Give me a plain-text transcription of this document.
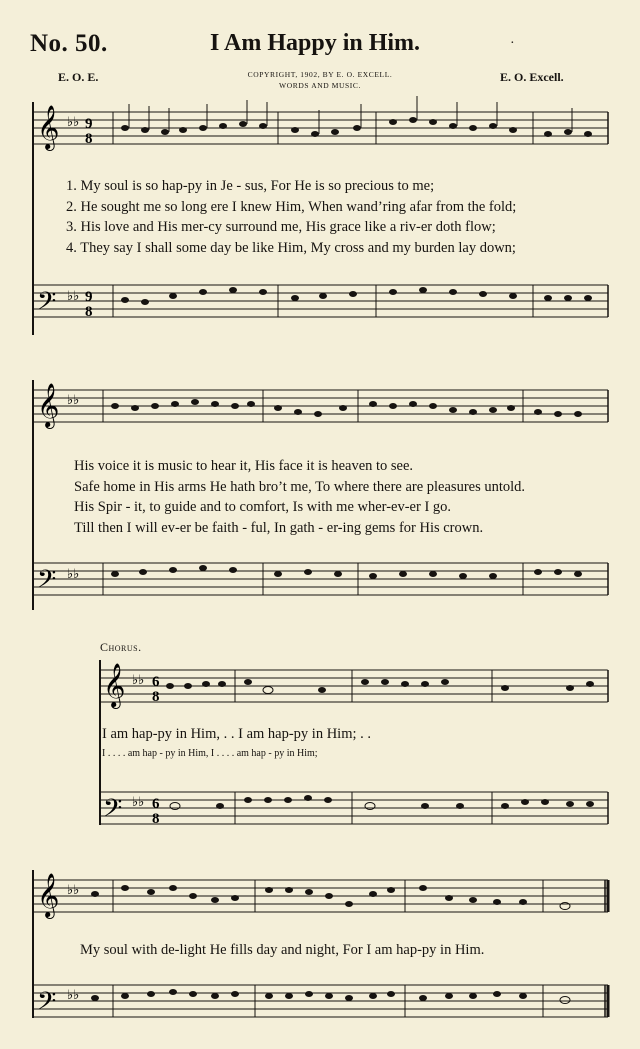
No. 50.	I Am Happy in Him.	·
E. O. E.	COPYRIGHT, 1902, BY E. O. EXCELL.
WORDS AND MUSIC.
E. O. Excell.
𝄞
𝄢
♭♭
♭♭
9
8
9
8
𝄞
𝄢
♭♭
♭♭
𝄞
𝄢
♭♭
♭♭
6
8
6
8
𝄞
𝄢
♭♭
♭♭
1. My soul is so hap-py in Je - sus, For He is so precious to me;
2. He sought me so long ere I knew Him, When wand’ring afar from the fold;
3. His love and His mer-cy surround me, His grace like a riv-er doth flow;
4. They say I shall some day be like Him, My cross and my burden lay down;
His voice it is music to hear it, His face it is heaven to see.
Safe home in His arms He hath bro’t me, To where there are pleasures untold.
His Spir - it, to guide and to comfort, Is with me wher-ev-er I go.
Till then I will ev-er be faith - ful, In gath - er-ing gems for His crown.
Chorus.
I am hap-py in Him, . . I am hap-py in Him; . .
I . . . . am hap - py in Him, I . . . . am hap - py in Him;
My soul with de-light He fills day and night, For I am hap-py in Him.
